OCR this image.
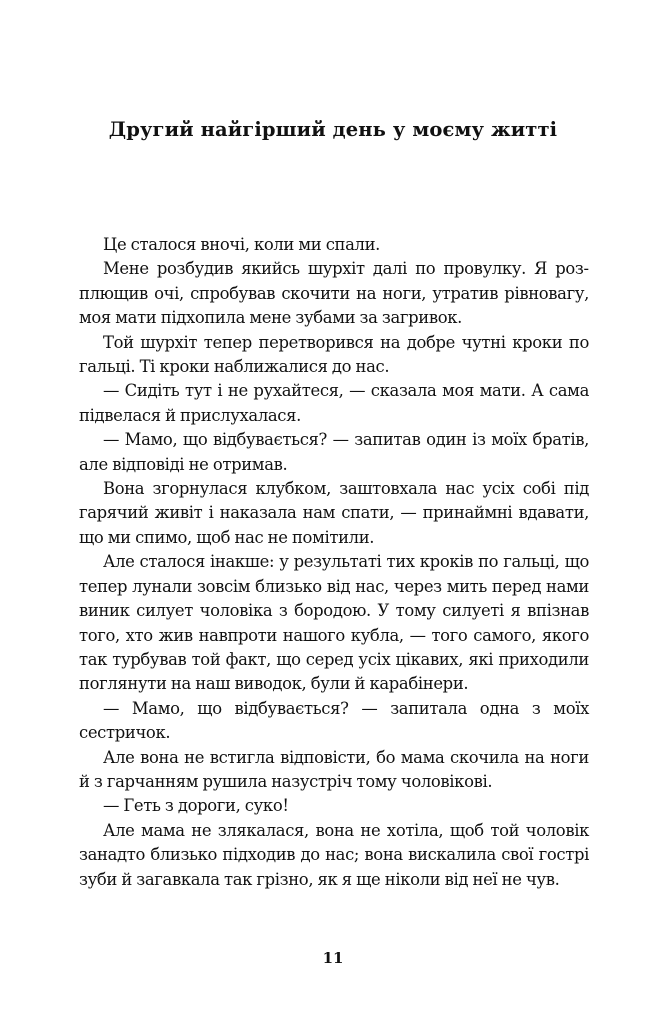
Другий найгірший день у моєму житті

Це сталося вночі, коли ми спали.

Мене розбудив якийсь шурхіт далі по провулку. Я розплющив очі, спробував скочити на ноги, утратив рівновагу, моя мати підхопила мене зубами за загривок.

Той шурхіт тепер перетворився на добре чутні кроки по гальці. Ті кроки наближалися до нас.

— Сидіть тут і не рухайтеся, — сказала моя мати. А сама підвелася й прислухалася.

— Мамо, що відбувається? — запитав один із моїх братів, але відповіді не отримав.

Вона згорнулася клубком, заштовхала нас усіх собі під гарячий живіт і наказала нам спати, — принаймні вдавати, що ми спимо, щоб нас не помітили.

Але сталося інакше: у результаті тих кроків по гальці, що тепер лунали зовсім близько від нас, через мить перед нами виник силует чоловіка з бородою. У тому силуеті я впізнав того, хто жив навпроти нашого кубла, — того самого, якого так турбував той факт, що серед усіх цікавих, які приходили поглянути на наш виводок, були й карабінери.

— Мамо, що відбувається? — запитала одна з моїх сестричок.

Але вона не встигла відповісти, бо мама скочила на ноги й з гарчанням рушила назустріч тому чоловікові.

— Геть з дороги, суко!

Але мама не злякалася, вона не хотіла, щоб той чоловік занадто близько підходив до нас; вона вискалила свої гострі зуби й загавкала так грізно, як я ще ніколи від неї не чув.

11
